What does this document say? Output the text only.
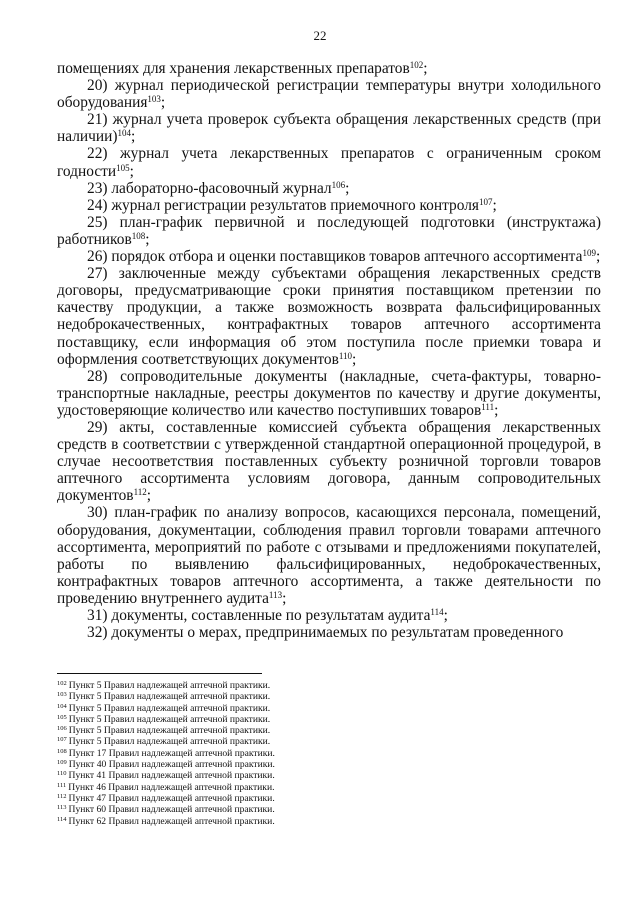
22

помещениях для хранения лекарственных препаратов$^{102}$;

20) журнал периодической регистрации температуры внутри холодильного оборудования$^{103}$;

21) журнал учета проверок субъекта обращения лекарственных средств (при наличии)$^{104}$;

22) журнал учета лекарственных препаратов с ограниченным сроком годности$^{105}$;

23) лабораторно-фасовочный журнал$^{106}$;

24) журнал регистрации результатов приемочного контроля$^{107}$;

25) план-график первичной и последующей подготовки (инструктажа) работников$^{108}$;

26) порядок отбора и оценки поставщиков товаров аптечного ассортимента$^{109}$;

27) заключенные между субъектами обращения лекарственных средств договоры, предусматривающие сроки принятия поставщиком претензии по качеству продукции, а также возможность возврата фальсифицированных недоброкачественных, контрафактных товаров аптечного ассортимента поставщику, если информация об этом поступила после приемки товара и оформления соответствующих документов$^{110}$;

28) сопроводительные документы (накладные, счета-фактуры, товарно-транспортные накладные, реестры документов по качеству и другие документы, удостоверяющие количество или качество поступивших товаров$^{111}$;

29) акты, составленные комиссией субъекта обращения лекарственных средств в соответствии с утвержденной стандартной операционной процедурой, в случае несоответствия поставленных субъекту розничной торговли товаров аптечного ассортимента условиям договора, данным сопроводительных документов$^{112}$;

30) план-график по анализу вопросов, касающихся персонала, помещений, оборудования, документации, соблюдения правил торговли товарами аптечного ассортимента, мероприятий по работе с отзывами и предложениями покупателей, работы по выявлению фальсифицированных, недоброкачественных, контрафактных товаров аптечного ассортимента, а также деятельности по проведению внутреннего аудита$^{113}$;

31) документы, составленные по результатам аудита$^{114}$;

32) документы о мерах, предпринимаемых по результатам проведенного

$^{102}$ Пункт 5 Правил надлежащей аптечной практики.
$^{103}$ Пункт 5 Правил надлежащей аптечной практики.
$^{104}$ Пункт 5 Правил надлежащей аптечной практики.
$^{105}$ Пункт 5 Правил надлежащей аптечной практики.
$^{106}$ Пункт 5 Правил надлежащей аптечной практики.
$^{107}$ Пункт 5 Правил надлежащей аптечной практики.
$^{108}$ Пункт 17 Правил надлежащей аптечной практики.
$^{109}$ Пункт 40 Правил надлежащей аптечной практики.
$^{110}$ Пункт 41 Правил надлежащей аптечной практики.
$^{111}$ Пункт 46 Правил надлежащей аптечной практики.
$^{112}$ Пункт 47 Правил надлежащей аптечной практики.
$^{113}$ Пункт 60 Правил надлежащей аптечной практики.
$^{114}$ Пункт 62 Правил надлежащей аптечной практики.
